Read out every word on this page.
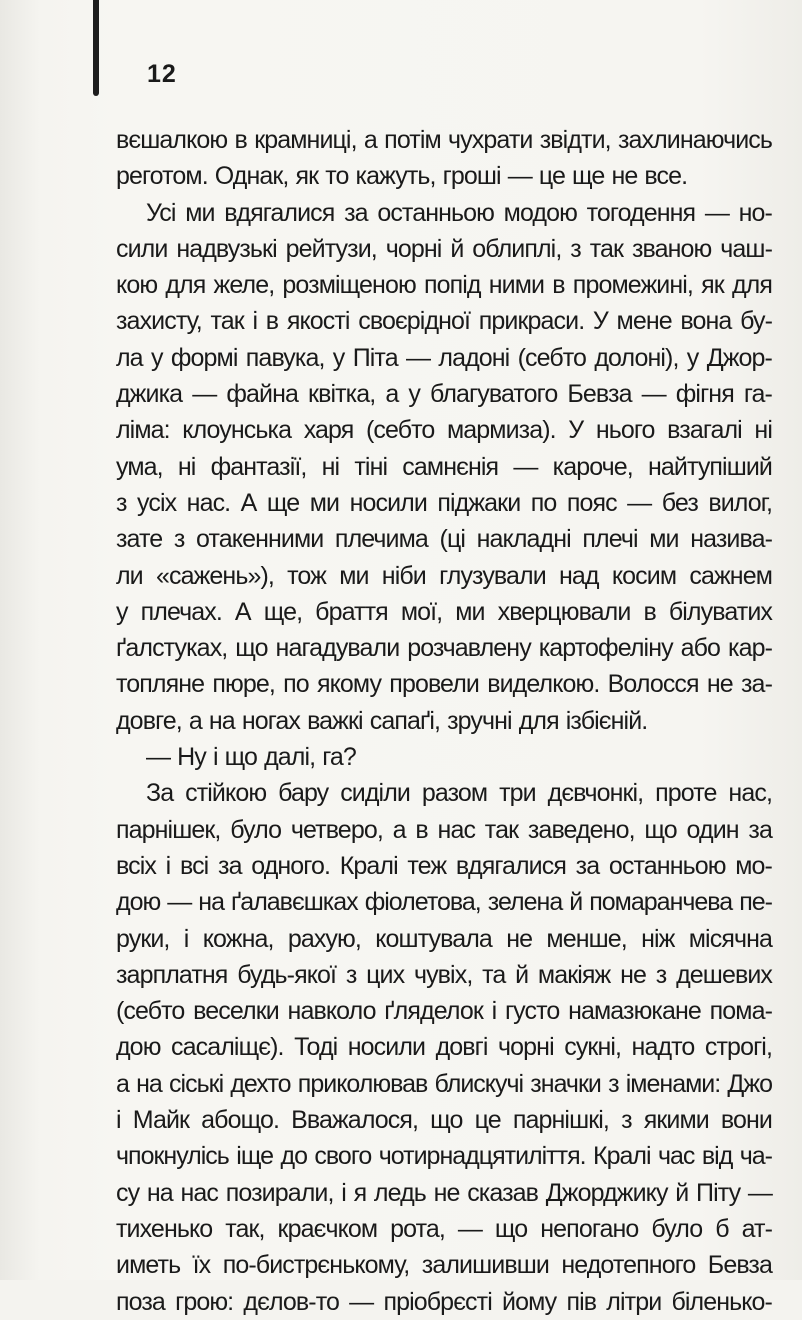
12
вєшалкою в крамниці, а потім чухрати звідти, захлинаючись
реготом. Однак, як то кажуть, гроші — це ще не все.
Усі ми вдягалися за останньою модою тогодення — но-
сили надвузькі рейтузи, чорні й облиплі, з так званою чаш-
кою для желе, розміщеною попід ними в промежині, як для
захисту, так і в якості своєрідної прикраси. У мене вона бу-
ла у формі павука, у Піта — ладоні (себто долоні), у Джор-
джика — файна квітка, а у благуватого Бевза — фігня га-
ліма: клоунська харя (себто мармиза). У нього взагалі ні
ума, ні фантазії, ні тіні самнєнія — кароче, найтупіший
з усіх нас. А ще ми носили піджаки по пояс — без вилог,
зате з отакенними плечима (ці накладні плечі ми назива-
ли «сажень»), тож ми ніби глузували над косим сажнем
у плечах. А ще, браття мої, ми хверцювали в білуватих
ґалстуках, що нагадували розчавлену картофеліну або кар-
топляне пюре, по якому провели виделкою. Волосся не за-
довге, а на ногах важкі сапаґі, зручні для ізбієній.
— Ну і що далі, га?
За стійкою бару сиділи разом три дєвчонкі, проте нас,
парнішек, було четверо, а в нас так заведено, що один за
всіх і всі за одного. Кралі теж вдягалися за останньою мо-
дою — на ґалавєшках фіолетова, зелена й помаранчева пе-
руки, і кожна, рахую, коштувала не менше, ніж місячна
зарплатня будь-якої з цих чувіх, та й макіяж не з дешевих
(себто веселки навколо ґляделок і густо намазюкане пома-
дою сасаліщє). Тоді носили довгі чорні сукні, надто строгі,
а на сіські дехто приколював блискучі значки з іменами: Джо
і Майк абощо. Вважалося, що це парнішкі, з якими вони
чпокнулісь іще до свого чотирнадцятиліття. Кралі час від ча-
су на нас позирали, і я ледь не сказав Джорджику й Піту —
тихенько так, краєчком рота, — що непогано було б ат-
иметь їх по-бистрєнькому, залишивши недотепного Бевза
поза грою: дєлов-то — пріобрєсті йому пів літри біленько-
